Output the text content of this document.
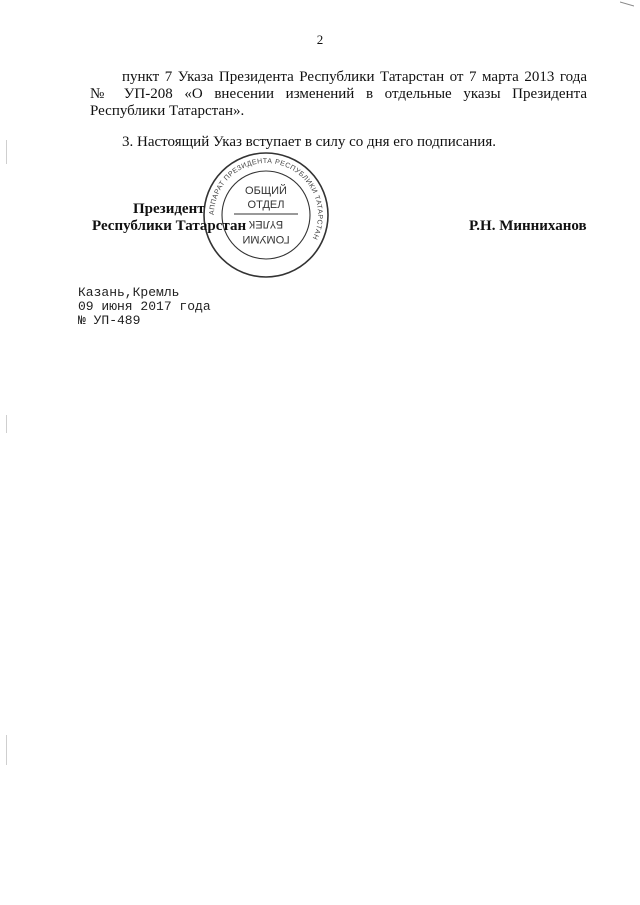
2
пункт 7 Указа Президента Республики Татарстан от 7 марта 2013 года
№ УП-208 «О внесении изменений в отдельные указы Президента
Республики Татарстан».
3. Настоящий Указ вступает в силу со дня его подписания.
АППАРАТ ПРЕЗИДЕНТА РЕСПУБЛИКИ ТАТАРСТАН
ОБЩИЙ
ОТДЕЛ
БҮЛЕК
ГОМУМИ
Президент
Республики Татарстан	Р.Н. Минниханов
Казань,Кремль
09 июня 2017 года
№ УП-489
